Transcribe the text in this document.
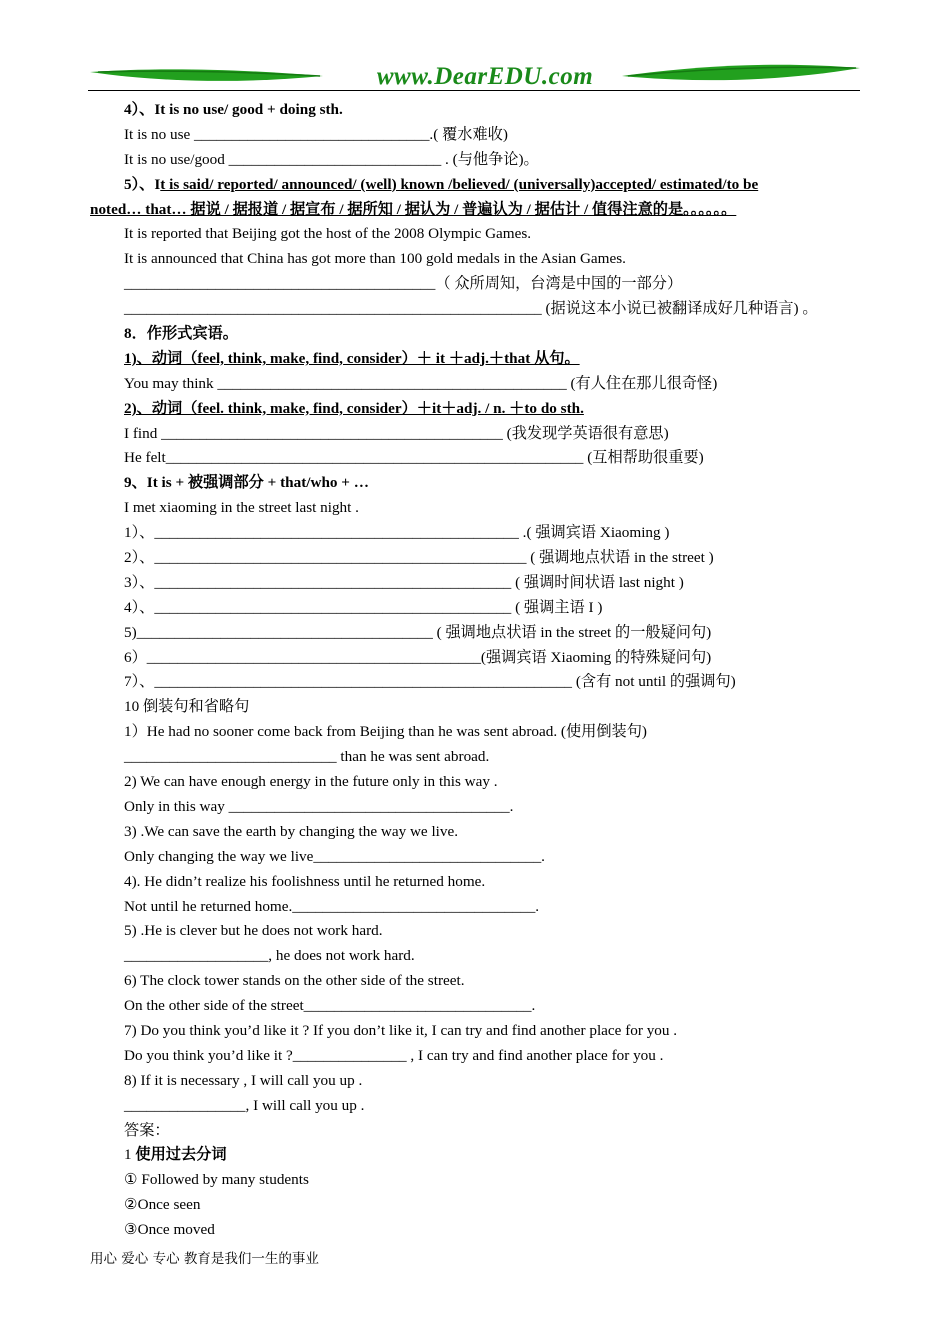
www.DearEDU.com
4）、It is no use/ good + doing sth.
It is no use _______________________________.( 覆水难收)
It is no use/good ____________________________ . (与他争论)。
5）、It is said/ reported/ announced/ (well) known /believed/ (universally)accepted/ estimated/to be
noted… that… 据说 / 据报道 / 据宣布 / 据所知 / 据认为 / 普遍认为 / 据估计 / 值得注意的是。。。。。。
It is reported that Beijing got the host of the 2008 Olympic Games.
It is announced that China has got more than 100 gold medals in the Asian Games.
_________________________________________（ 众所周知，台湾是中国的一部分）
_______________________________________________________ (据说这本小说已被翻译成好几种语言) 。
8．作形式宾语。
1)、动词（feel, think, make, find, consider）＋ it ＋adj.＋that 从句。
You may think ______________________________________________ (有人住在那儿很奇怪)
2)、动词（feel. think, make, find, consider）＋it＋adj. / n. ＋to do sth.
I find _____________________________________________ (我发现学英语很有意思)
He felt_______________________________________________________ (互相帮助很重要)
9、It is + 被强调部分 + that/who + …
I met xiaoming in the street last night .
1）、________________________________________________ .( 强调宾语 Xiaoming )
2）、_________________________________________________ ( 强调地点状语 in the street )
3）、_______________________________________________ ( 强调时间状语 last night )
4）、_______________________________________________ ( 强调主语 I )
5)_______________________________________ ( 强调地点状语 in the street 的一般疑问句)
6）____________________________________________(强调宾语 Xiaoming 的特殊疑问句)
7）、_______________________________________________________ (含有 not until 的强调句)
10 倒装句和省略句
1）He had no sooner come back from Beijing than he was sent abroad. (使用倒装句)
____________________________ than he was sent abroad.
2) We can have enough energy in the future only in this way .
Only in this way _____________________________________.
3) .We can save the earth by changing the way we live.
Only changing the way we live______________________________.
4). He didn’t realize his foolishness until he returned home.
Not until he returned home.________________________________.
5) .He is clever but he does not work hard.
___________________, he does not work hard.
6) The clock tower stands on the other side of the street.
On the other side of the street______________________________.
7) Do you think you’d like it ? If you don’t like it, I can try and find another place for you .
Do you think you’d like it ?_______________ , I can try and find another place for you .
8) If it is necessary , I will call you up .
________________, I will call you up .
答案：
1 使用过去分词
① Followed by many students
②Once seen
③Once moved
用心 爱心 专心 教育是我们一生的事业
